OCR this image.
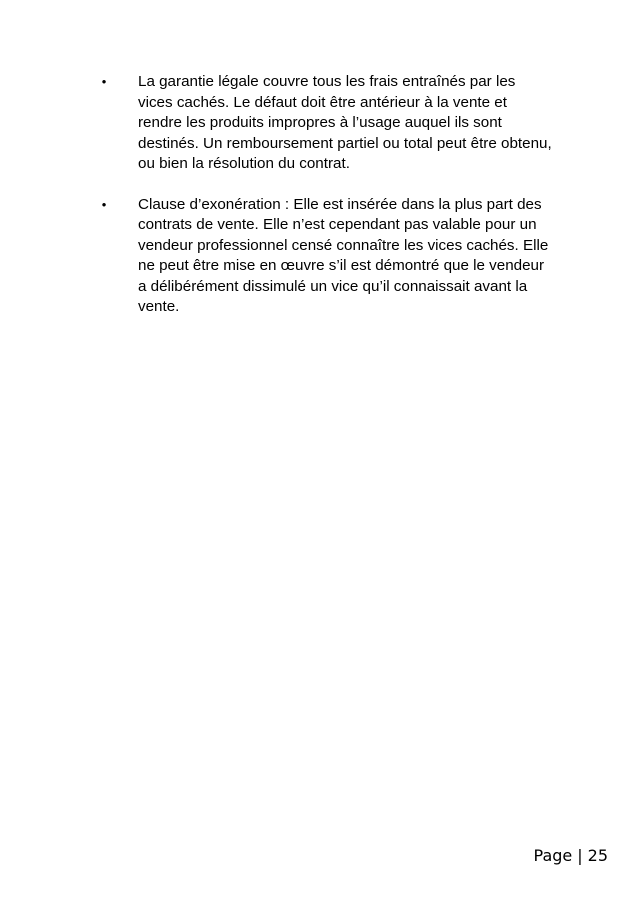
• La garantie légale couvre tous les frais entraînés par les
vices cachés. Le défaut doit être antérieur à la vente et
rendre les produits impropres à l’usage auquel ils sont
destinés. Un remboursement partiel ou total peut être obtenu,
ou bien la résolution du contrat.
• Clause d’exonération : Elle est insérée dans la plus part des
contrats de vente. Elle n’est cependant pas valable pour un
vendeur professionnel censé connaître les vices cachés. Elle
ne peut être mise en œuvre s’il est démontré que le vendeur
a délibérément dissimulé un vice qu’il connaissait avant la
vente.
Page | 25
